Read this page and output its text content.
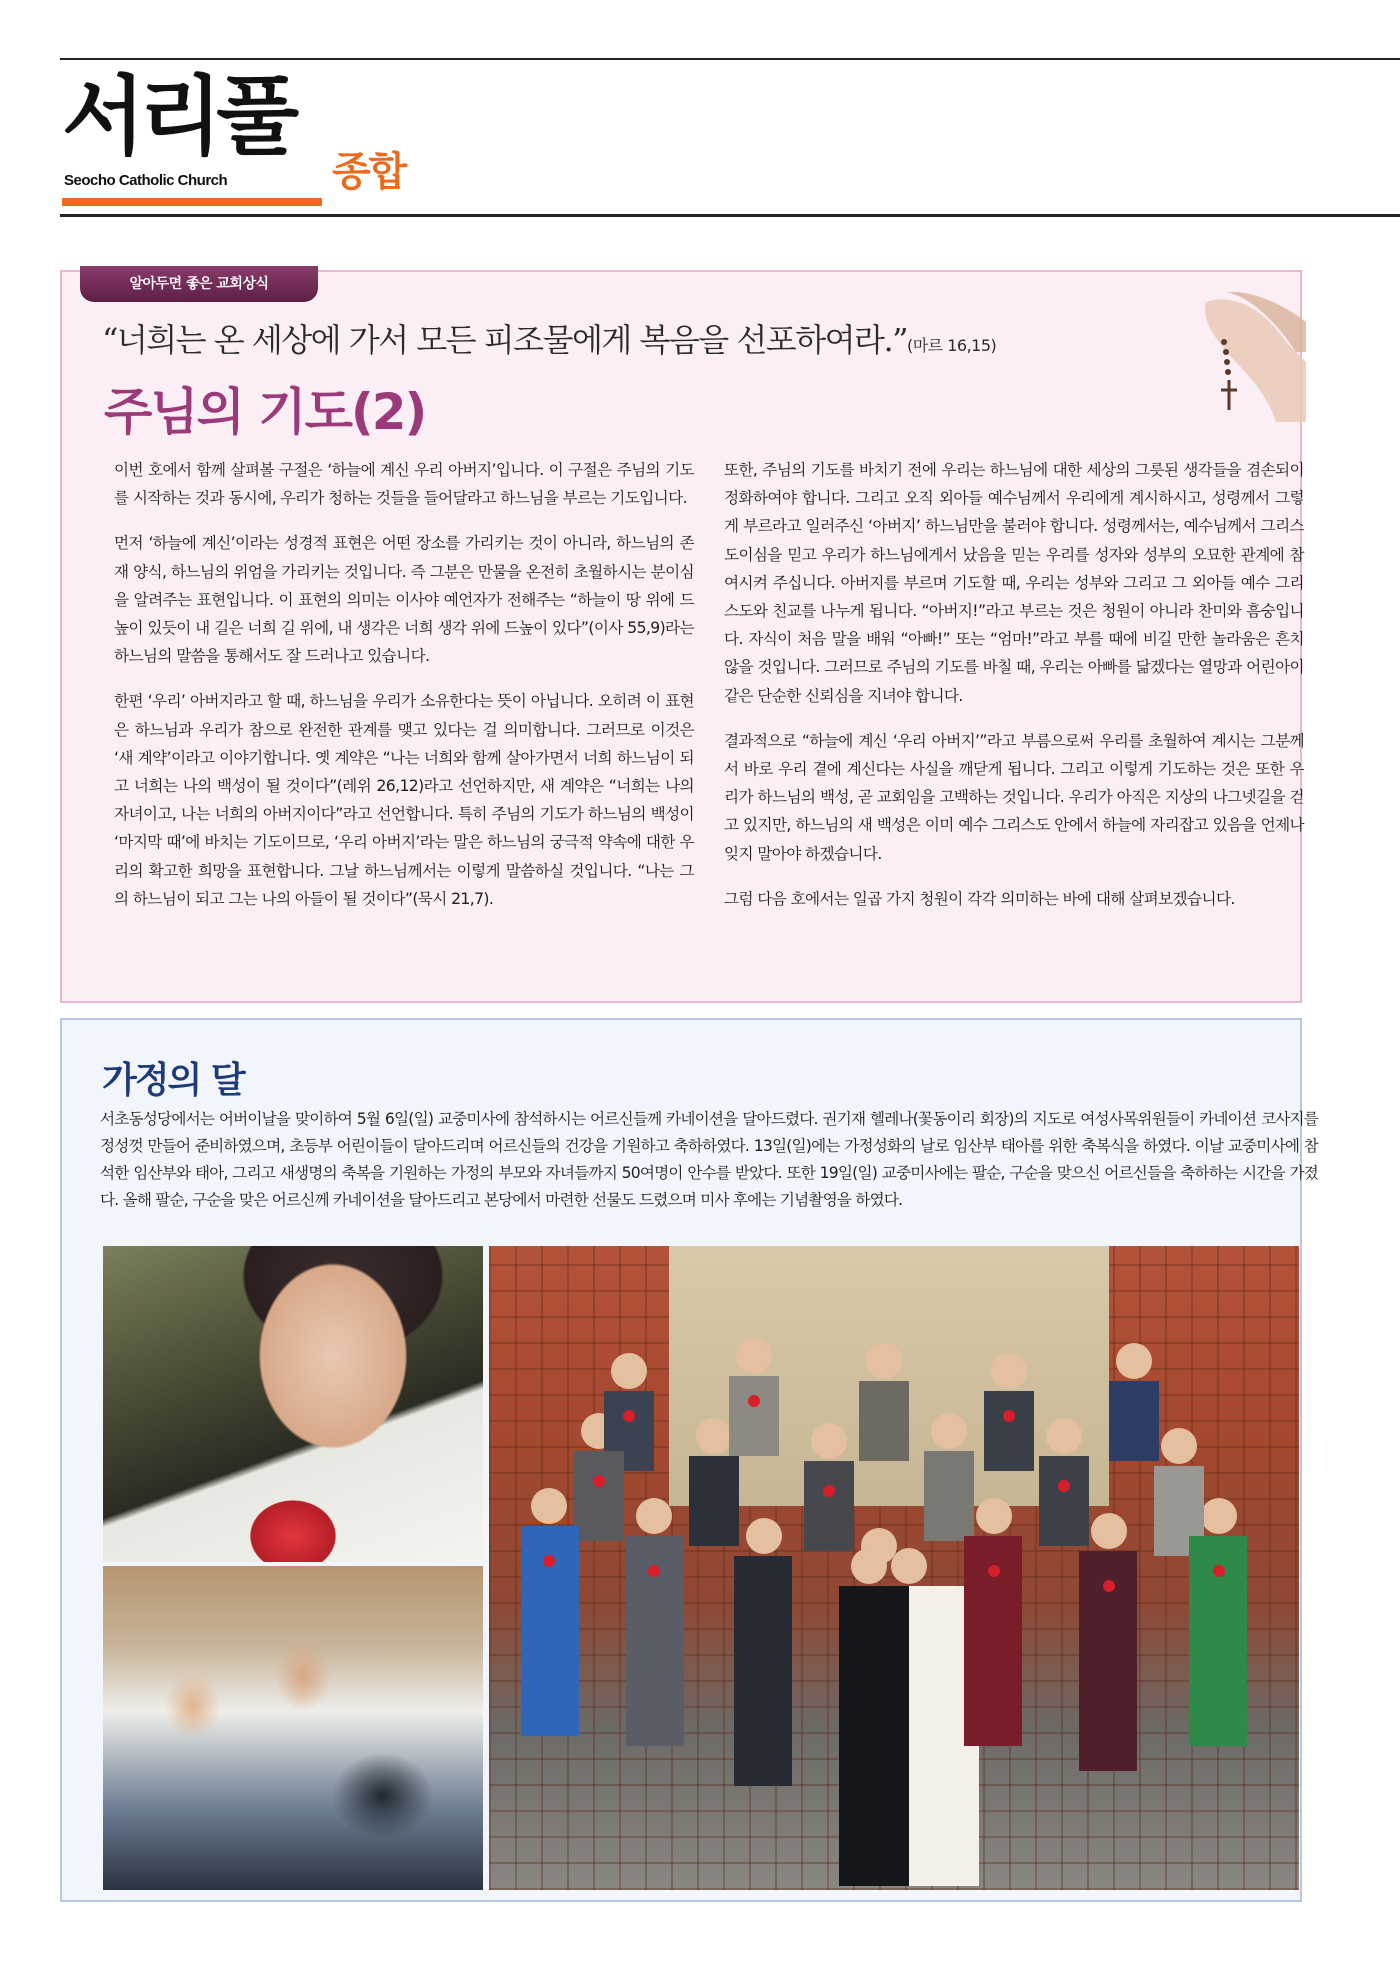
서리풀
Seocho Catholic Church	종합
알아두면 좋은 교회상식
“너희는 온 세상에 가서 모든 피조물에게 복음을 선포하여라.”(마르 16,15)
주님의 기도(2)

이번 호에서 함께 살펴볼 구절은 ‘하늘에 계신 우리 아버지’입니다. 이 구절은 주님의 기도를 시작하는 것과 동시에, 우리가 청하는 것들을 들어달라고 하느님을 부르는 기도입니다.

먼저 ‘하늘에 계신’이라는 성경적 표현은 어떤 장소를 가리키는 것이 아니라, 하느님의 존재 양식, 하느님의 위엄을 가리키는 것입니다. 즉 그분은 만물을 온전히 초월하시는 분이심을 알려주는 표현입니다. 이 표현의 의미는 이사야 예언자가 전해주는 “하늘이 땅 위에 드높이 있듯이 내 길은 너희 길 위에, 내 생각은 너희 생각 위에 드높이 있다”(이사 55,9)라는 하느님의 말씀을 통해서도 잘 드러나고 있습니다.

한편 ‘우리’ 아버지라고 할 때, 하느님을 우리가 소유한다는 뜻이 아닙니다. 오히려 이 표현은 하느님과 우리가 참으로 완전한 관계를 맺고 있다는 걸 의미합니다. 그러므로 이것은 ‘새 계약’이라고 이야기합니다. 옛 계약은 “나는 너희와 함께 살아가면서 너희 하느님이 되고 너희는 나의 백성이 될 것이다”(레위 26,12)라고 선언하지만, 새 계약은 “너희는 나의 자녀이고, 나는 너희의 아버지이다”라고 선언합니다. 특히 주님의 기도가 하느님의 백성이 ‘마지막 때’에 바치는 기도이므로, ‘우리 아버지’라는 말은 하느님의 궁극적 약속에 대한 우리의 확고한 희망을 표현합니다. 그날 하느님께서는 이렇게 말씀하실 것입니다. “나는 그의 하느님이 되고 그는 나의 아들이 될 것이다”(묵시 21,7).

또한, 주님의 기도를 바치기 전에 우리는 하느님에 대한 세상의 그릇된 생각들을 겸손되이 정화하여야 합니다. 그리고 오직 외아들 예수님께서 우리에게 계시하시고, 성령께서 그렇게 부르라고 일러주신 ‘아버지’ 하느님만을 불러야 합니다. 성령께서는, 예수님께서 그리스도이심을 믿고 우리가 하느님에게서 났음을 믿는 우리를 성자와 성부의 오묘한 관계에 참여시켜 주십니다. 아버지를 부르며 기도할 때, 우리는 성부와 그리고 그 외아들 예수 그리스도와 친교를 나누게 됩니다. “아버지!”라고 부르는 것은 청원이 아니라 찬미와 흠숭입니다. 자식이 처음 말을 배워 “아빠!” 또는 “엄마!”라고 부를 때에 비길 만한 놀라움은 흔치 않을 것입니다. 그러므로 주님의 기도를 바칠 때, 우리는 아빠를 닮겠다는 열망과 어린아이 같은 단순한 신뢰심을 지녀야 합니다.

결과적으로 “하늘에 계신 ‘우리 아버지’”라고 부름으로써 우리를 초월하여 계시는 그분께서 바로 우리 곁에 계신다는 사실을 깨닫게 됩니다. 그리고 이렇게 기도하는 것은 또한 우리가 하느님의 백성, 곧 교회임을 고백하는 것입니다. 우리가 아직은 지상의 나그넷길을 걷고 있지만, 하느님의 새 백성은 이미 예수 그리스도 안에서 하늘에 자리잡고 있음을 언제나 잊지 말아야 하겠습니다.

그럼 다음 호에서는 일곱 가지 청원이 각각 의미하는 바에 대해 살펴보겠습니다.

가정의 달

서초동성당에서는 어버이날을 맞이하여 5월 6일(일) 교중미사에 참석하시는 어르신들께 카네이션을 달아드렸다. 권기재 헬레나(꽃동이리 회장)의 지도로 여성사목위원들이 카네이션 코사지를 정성껏 만들어 준비하였으며, 초등부 어린이들이 달아드리며 어르신들의 건강을 기원하고 축하하였다. 13일(일)에는 가정성화의 날로 임산부 태아를 위한 축복식을 하였다. 이날 교중미사에 참석한 임산부와 태아, 그리고 새생명의 축복을 기원하는 가정의 부모와 자녀들까지 50여명이 안수를 받았다. 또한 19일(일) 교중미사에는 팔순, 구순을 맞으신 어르신들을 축하하는 시간을 가졌다. 올해 팔순, 구순을 맞은 어르신께 카네이션을 달아드리고 본당에서 마련한 선물도 드렸으며 미사 후에는 기념촬영을 하였다.
